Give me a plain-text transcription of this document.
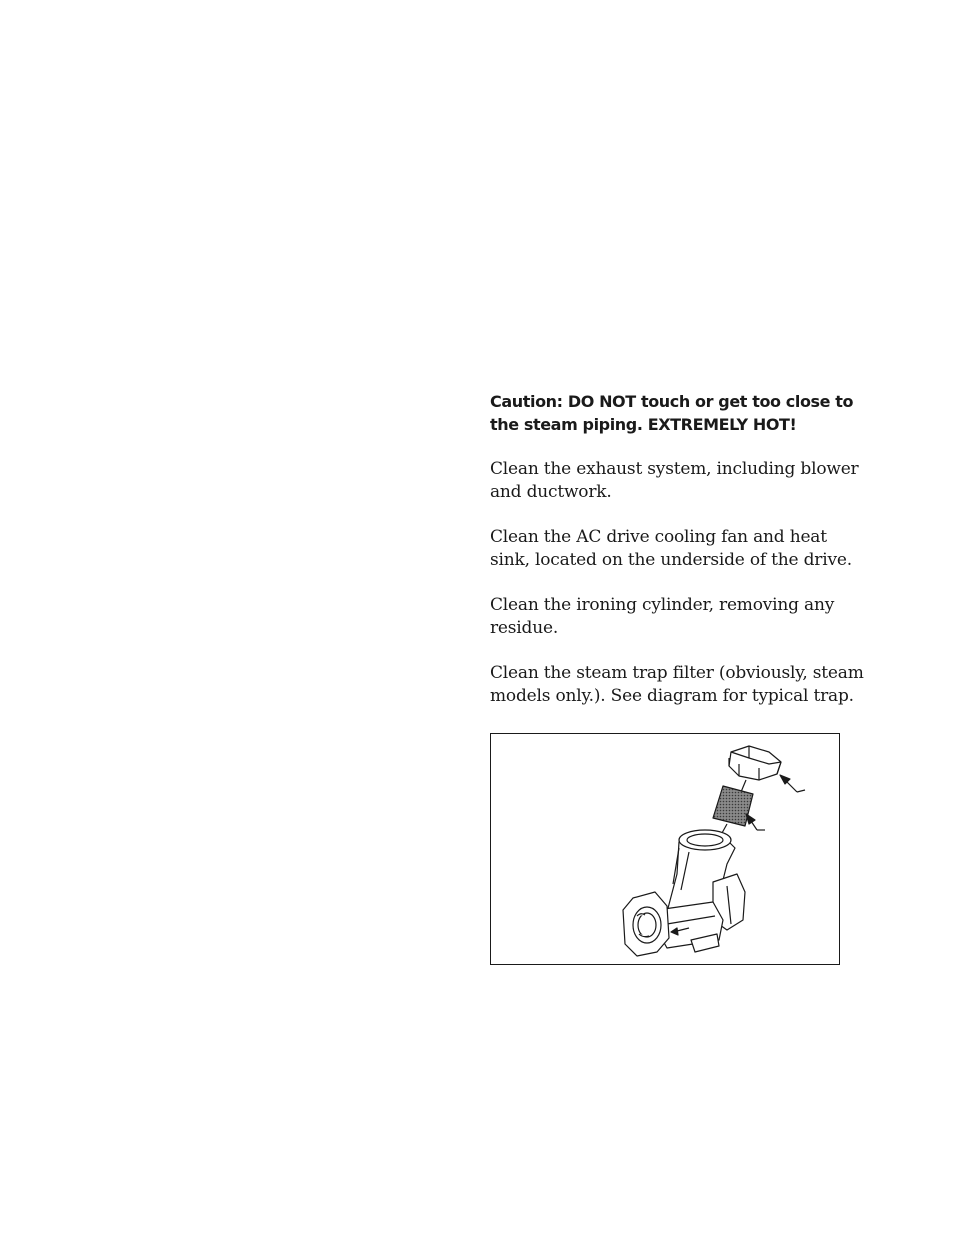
Caution: DO NOT touch or get too close to
the steam piping. EXTREMELY HOT!

Clean the exhaust system, including blower
and ductwork.

Clean the AC drive cooling fan and heat
sink, located on the underside of the drive.

Clean the ironing cylinder, removing any
residue.

Clean the steam trap filter (obviously, steam
models only.). See diagram for typical trap.
